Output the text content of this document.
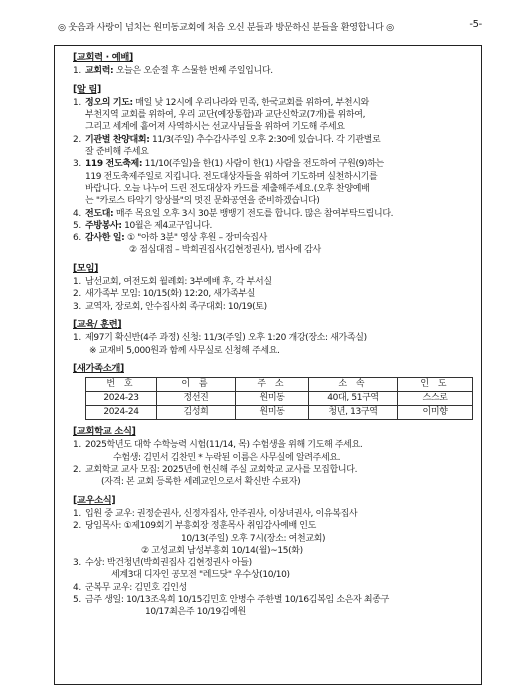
◎ 웃음과 사랑이 넘치는 원미동교회에 처음 오신 분들과 방문하신 분들을 환영합니다 ◎	-5-
[교회력 · 예배]
1. 교회력: 오늘은 오순절 후 스물한 번째 주일입니다.
[알 림]
1. 정오의 기도: 매일 낮 12시에 우리나라와 민족, 한국교회를 위하여, 부천시와
부천지역 교회를 위하여, 우리 교단(예장통합)과 교단신학교(7개)를 위하여,
그리고 세계에 흩어져 사역하시는 선교사님들을 위하여 기도해 주세요
2. 기관별 찬양대회: 11/3(주일) 추수감사주일 오후 2:30에 있습니다. 각 기관별로
잘 준비해 주세요
3. 119 전도축제: 11/10(주일)을 한(1) 사람이 한(1) 사람을 전도하여 구원(9)하는
119 전도축제주일로 지킵니다. 전도대상자들을 위하여 기도하며 실천하시기를
바랍니다. 오늘 나누어 드린 전도대상자 카드를 제출해주세요.(오후 찬양예배
는 "카로스 타악기 앙상블"의 멋진 문화공연을 준비하겠습니다)
4. 전도대: 매주 목요일 오후 3시 30분 뱅뱅기 전도를 합니다. 많은 참여부탁드립니다.
5. 주방봉사: 10월은 제4교구입니다.
6. 감사한 일: ① "아하 3분" 영상 후원 – 장미숙집사
② 점심대접 – 박희권집사(김현정권사), 범사에 감사
[모임]
1. 남선교회, 여전도회 월례회: 3부예배 후, 각 부서실
2. 새가족부 모임: 10/15(화) 12:20, 새가족부실
3. 교역자, 장로회, 안수집사회 족구대회: 10/19(토)
[교육/ 훈련]
1. 제97기 확신반(4주 과정) 신청: 11/3(주일) 오후 1:20 개강(장소: 새가족실)
※ 교재비 5,000원과 함께 사무실로 신청해 주세요.
[새가족소개]
번 호	이 름	주 소	소 속	인 도
2024-23	정선진	원미동	40대, 51구역	스스로
2024-24	김성희	원미동	청년, 13구역	이미향
[교회학교 소식]
1. 2025학년도 대학 수학능력 시험(11/14, 목) 수험생을 위해 기도해 주세요.
수험생: 김민서 김찬민 * 누락된 이름은 사무실에 알려주세요.
2. 교회학교 교사 모집: 2025년에 헌신해 주실 교회학교 교사를 모집합니다.
(자격: 본 교회 등록한 세례교인으로서 확신반 수료자)
[교우소식]
1. 입원 중 교우: 권정순권사, 신정자집사, 안주권사, 이상녀권사, 이유복집사
2. 당임목사: ①제109회기 부흥회장 정훈목사 취임감사예배 인도
10/13(주일) 오후 7시(장소: 여천교회)
② 고성교회 남성부흥회 10/14(월)~15(화)
3. 수상: 박건청년(박희권집사 김현정권사 아들)
세계3대 디자인 공모전 "레드닷" 우수상(10/10)
4. 군복무 교우: 김민호 김인성
5. 금주 생일: 10/13조옥희 10/15김민호 안병수 주한별 10/16김복임 소은자 최종구
10/17최은주 10/19김예원
